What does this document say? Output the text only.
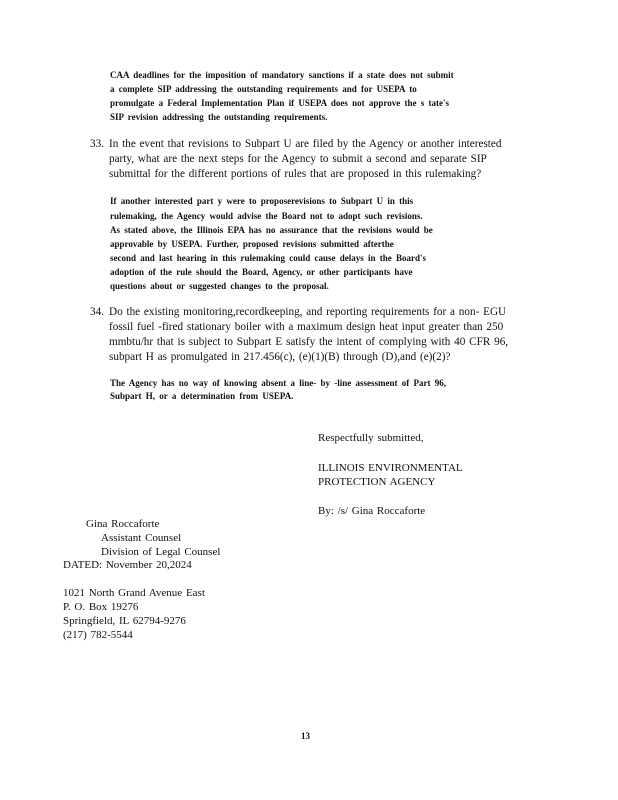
CAA deadlines for the imposition of mandatory sanctions if a state does not submit
a complete SIP addressing the outstanding requirements and for USEPA to
promulgate a Federal Implementation Plan if USEPA does not approve the s tate's
SIP revision addressing the outstanding requirements.
33. In the event that revisions to Subpart U are filed by the Agency or another interested
party, what are the next steps for the Agency to submit a second and separate SIP
submittal for the different portions of rules that are proposed in this rulemaking?
If another interested part y were to proposerevisions to Subpart U in this
rulemaking, the Agency would advise the Board not to adopt such revisions.
As stated above, the Illinois EPA has no assurance that the revisions would be
approvable by USEPA. Further, proposed revisions submitted afterthe
second and last hearing in this rulemaking could cause delays in the Board's
adoption of the rule should the Board, Agency, or other participants have
questions about or suggested changes to the proposal.
34. Do the existing monitoring,recordkeeping, and reporting requirements for a non- EGU
fossil fuel -fired stationary boiler with a maximum design heat input greater than 250
mmbtu/hr that is subject to Subpart E satisfy the intent of complying with 40 CFR 96,
subpart H as promulgated in 217.456(c), (e)(1)(B) through (D),and (e)(2)?
The Agency has no way of knowing absent a line- by -line assessment of Part 96,
Subpart H, or a determination from USEPA.
Respectfully submitted,
ILLINOIS ENVIRONMENTAL
PROTECTION AGENCY
By: /s/ Gina Roccaforte
Gina Roccaforte
Assistant Counsel
Division of Legal Counsel
DATED: November 20,2024
1021 North Grand Avenue East
P. O. Box 19276
Springfield, IL 62794-9276
(217) 782-5544
13
